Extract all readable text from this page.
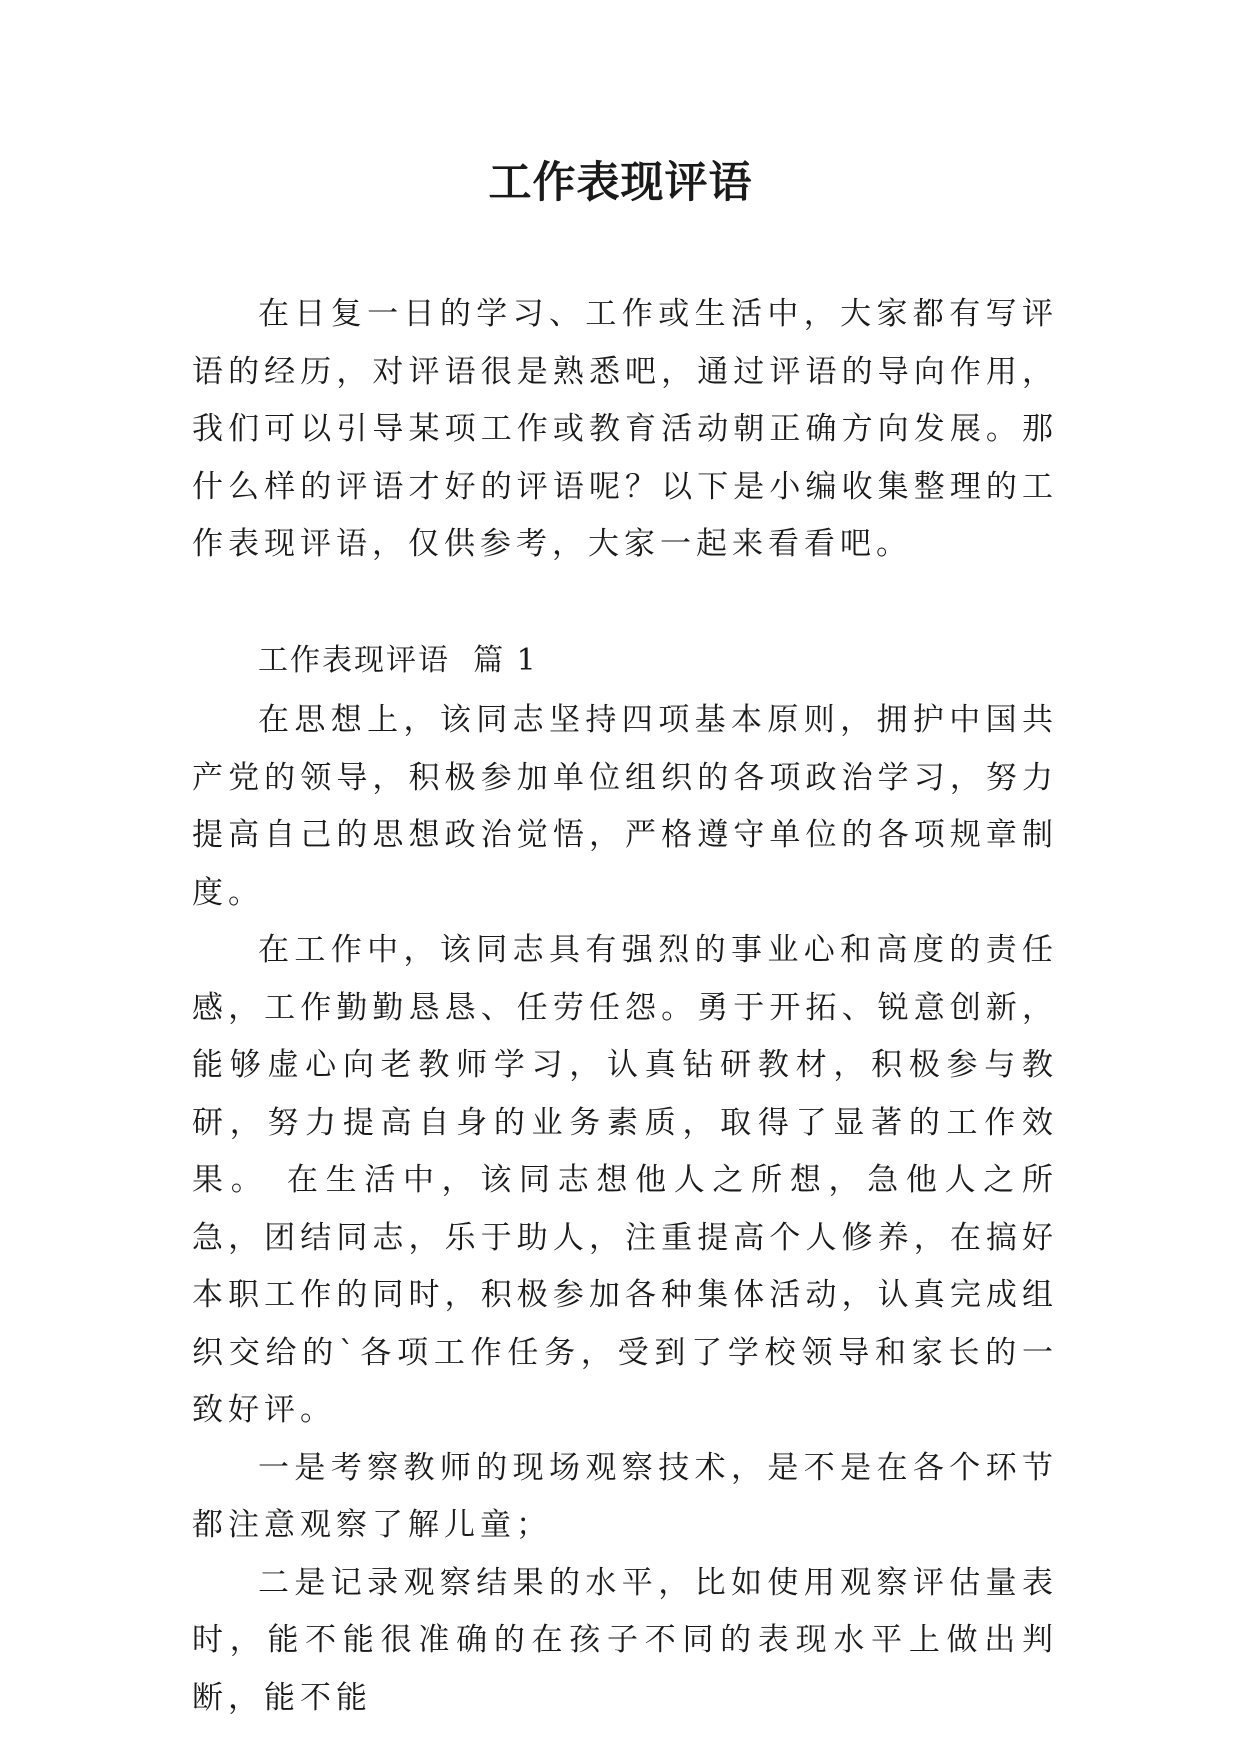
工作表现评语

在日复一日的学习、工作或生活中，大家都有写评语的经历，对评语很是熟悉吧，通过评语的导向作用，我们可以引导某项工作或教育活动朝正确方向发展。那什么样的评语才好的评语呢？以下是小编收集整理的工作表现评语，仅供参考，大家一起来看看吧。

工作表现评语  篇 1

在思想上，该同志坚持四项基本原则，拥护中国共产党的领导，积极参加单位组织的各项政治学习，努力提高自己的思想政治觉悟，严格遵守单位的各项规章制度。

在工作中，该同志具有强烈的事业心和高度的责任感，工作勤勤恳恳、任劳任怨。勇于开拓、锐意创新，能够虚心向老教师学习，认真钻研教材，积极参与教研，努力提高自身的业务素质，取得了显著的工作效果。 在生活中，该同志想他人之所想，急他人之所急，团结同志，乐于助人，注重提高个人修养，在搞好本职工作的同时，积极参加各种集体活动，认真完成组织交给的`各项工作任务，受到了学校领导和家长的一致好评。

一是考察教师的现场观察技术，是不是在各个环节都注意观察了解儿童；

二是记录观察结果的水平，比如使用观察评估量表时，能不能很准确的在孩子不同的表现水平上做出判断，能不能
